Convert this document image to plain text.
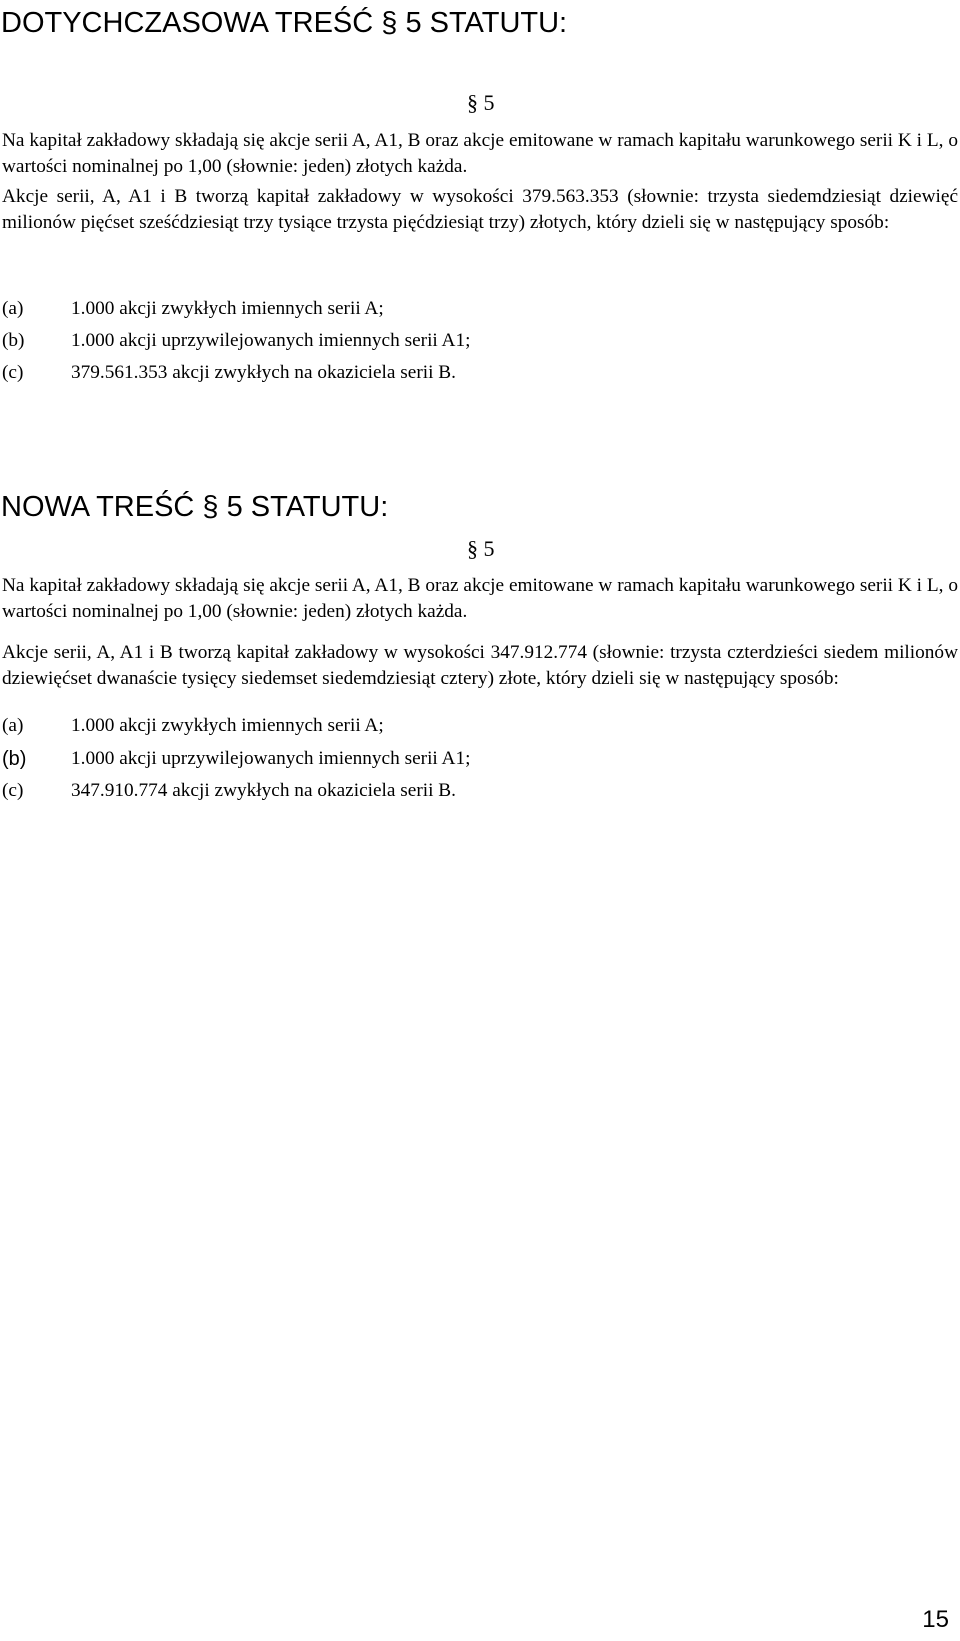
DOTYCHCZASOWA TREŚĆ § 5 STATUTU:
§ 5

Na kapitał zakładowy składają się akcje serii A, A1, B oraz akcje emitowane w ramach kapitału warunkowego serii K i L, o wartości nominalnej po 1,00 (słownie: jeden) złotych każda.

Akcje serii, A, A1 i B tworzą kapitał zakładowy w wysokości 379.563.353 (słownie: trzysta siedemdziesiąt dziewięć milionów pięćset sześćdziesiąt trzy tysiące trzysta pięćdziesiąt trzy) złotych, który dzieli się w następujący sposób:

(a) 1.000 akcji zwykłych imiennych serii A;
(b) 1.000 akcji uprzywilejowanych imiennych serii A1;
(c) 379.561.353 akcji zwykłych na okaziciela serii B.
NOWA TREŚĆ § 5 STATUTU:
§ 5

Na kapitał zakładowy składają się akcje serii A, A1, B oraz akcje emitowane w ramach kapitału warunkowego serii K i L, o wartości nominalnej po 1,00 (słownie: jeden) złotych każda.

Akcje serii, A, A1 i B tworzą kapitał zakładowy w wysokości 347.912.774 (słownie: trzysta czterdzieści siedem milionów dziewięćset dwanaście tysięcy siedemset siedemdziesiąt cztery) złote, który dzieli się w następujący sposób:

(a) 1.000 akcji zwykłych imiennych serii A;
(b) 1.000 akcji uprzywilejowanych imiennych serii A1;
(c) 347.910.774 akcji zwykłych na okaziciela serii B.
15
